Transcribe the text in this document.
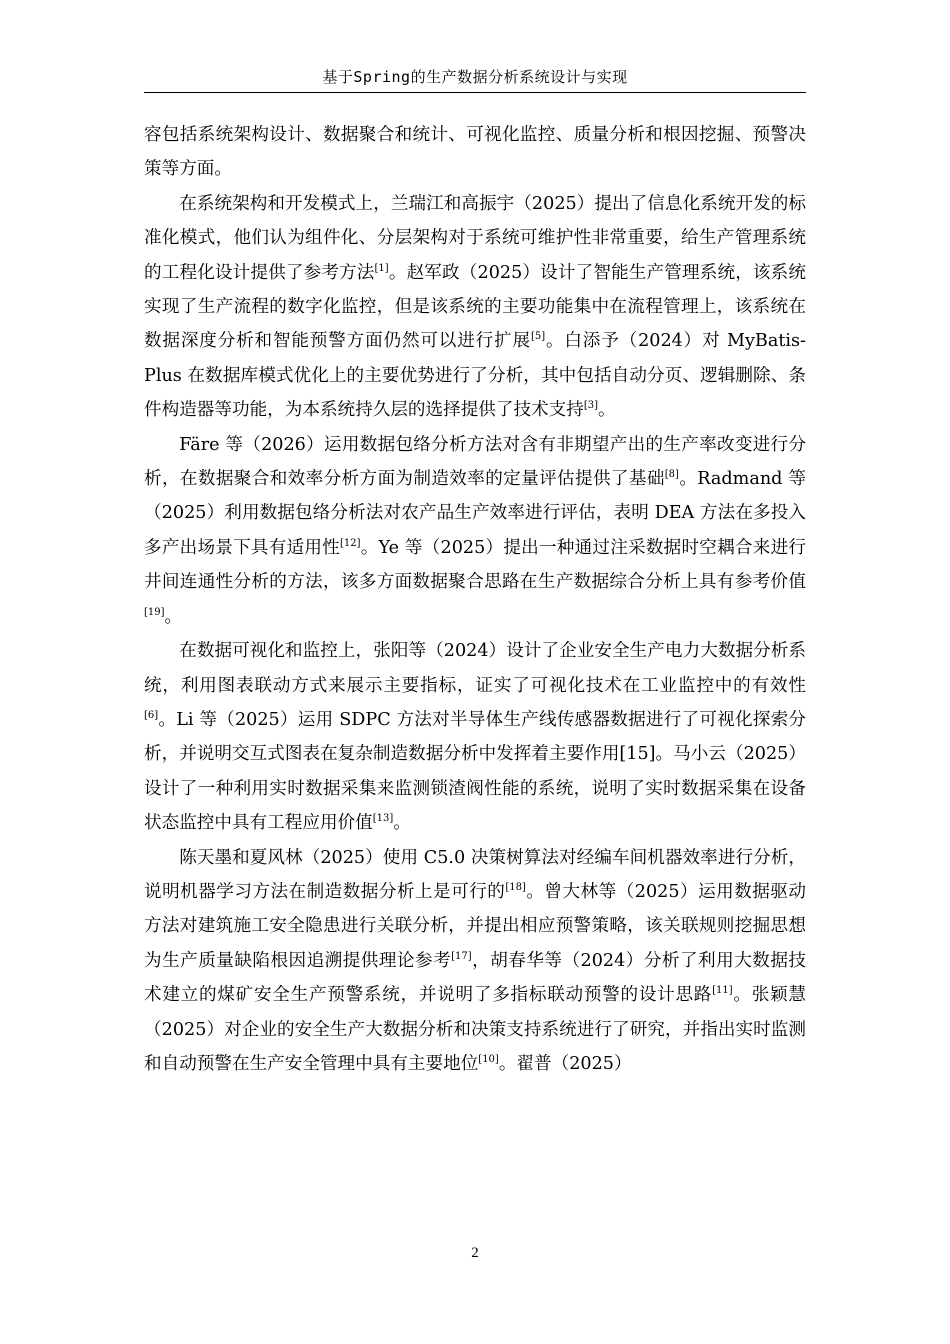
基于Spring的生产数据分析系统设计与实现

容包括系统架构设计、数据聚合和统计、可视化监控、质量分析和根因挖掘、预警决策等方面。

在系统架构和开发模式上，兰瑞江和高振宇（2025）提出了信息化系统开发的标准化模式，他们认为组件化、分层架构对于系统可维护性非常重要，给生产管理系统的工程化设计提供了参考方法[1]。赵军政（2025）设计了智能生产管理系统，该系统实现了生产流程的数字化监控，但是该系统的主要功能集中在流程管理上，该系统在数据深度分析和智能预警方面仍然可以进行扩展[5]。白添予（2024）对 MyBatis-Plus 在数据库模式优化上的主要优势进行了分析，其中包括自动分页、逻辑删除、条件构造器等功能，为本系统持久层的选择提供了技术支持[3]。

Färe 等（2026）运用数据包络分析方法对含有非期望产出的生产率改变进行分析，在数据聚合和效率分析方面为制造效率的定量评估提供了基础[8]。Radmand 等（2025）利用数据包络分析法对农产品生产效率进行评估，表明 DEA 方法在多投入多产出场景下具有适用性[12]。Ye 等（2025）提出一种通过注采数据时空耦合来进行井间连通性分析的方法，该多方面数据聚合思路在生产数据综合分析上具有参考价值[19]。

在数据可视化和监控上，张阳等（2024）设计了企业安全生产电力大数据分析系统，利用图表联动方式来展示主要指标，证实了可视化技术在工业监控中的有效性[6]。Li 等（2025）运用 SDPC 方法对半导体生产线传感器数据进行了可视化探索分析，并说明交互式图表在复杂制造数据分析中发挥着主要作用[15]。马小云（2025）设计了一种利用实时数据采集来监测锁渣阀性能的系统，说明了实时数据采集在设备状态监控中具有工程应用价值[13]。

陈天墨和夏风林（2025）使用 C5.0 决策树算法对经编车间机器效率进行分析，说明机器学习方法在制造数据分析上是可行的[18]。曾大林等（2025）运用数据驱动方法对建筑施工安全隐患进行关联分析，并提出相应预警策略，该关联规则挖掘思想为生产质量缺陷根因追溯提供理论参考[17]，胡春华等（2024）分析了利用大数据技术建立的煤矿安全生产预警系统，并说明了多指标联动预警的设计思路[11]。张颖慧（2025）对企业的安全生产大数据分析和决策支持系统进行了研究，并指出实时监测和自动预警在生产安全管理中具有主要地位[10]。翟普（2025）

2
